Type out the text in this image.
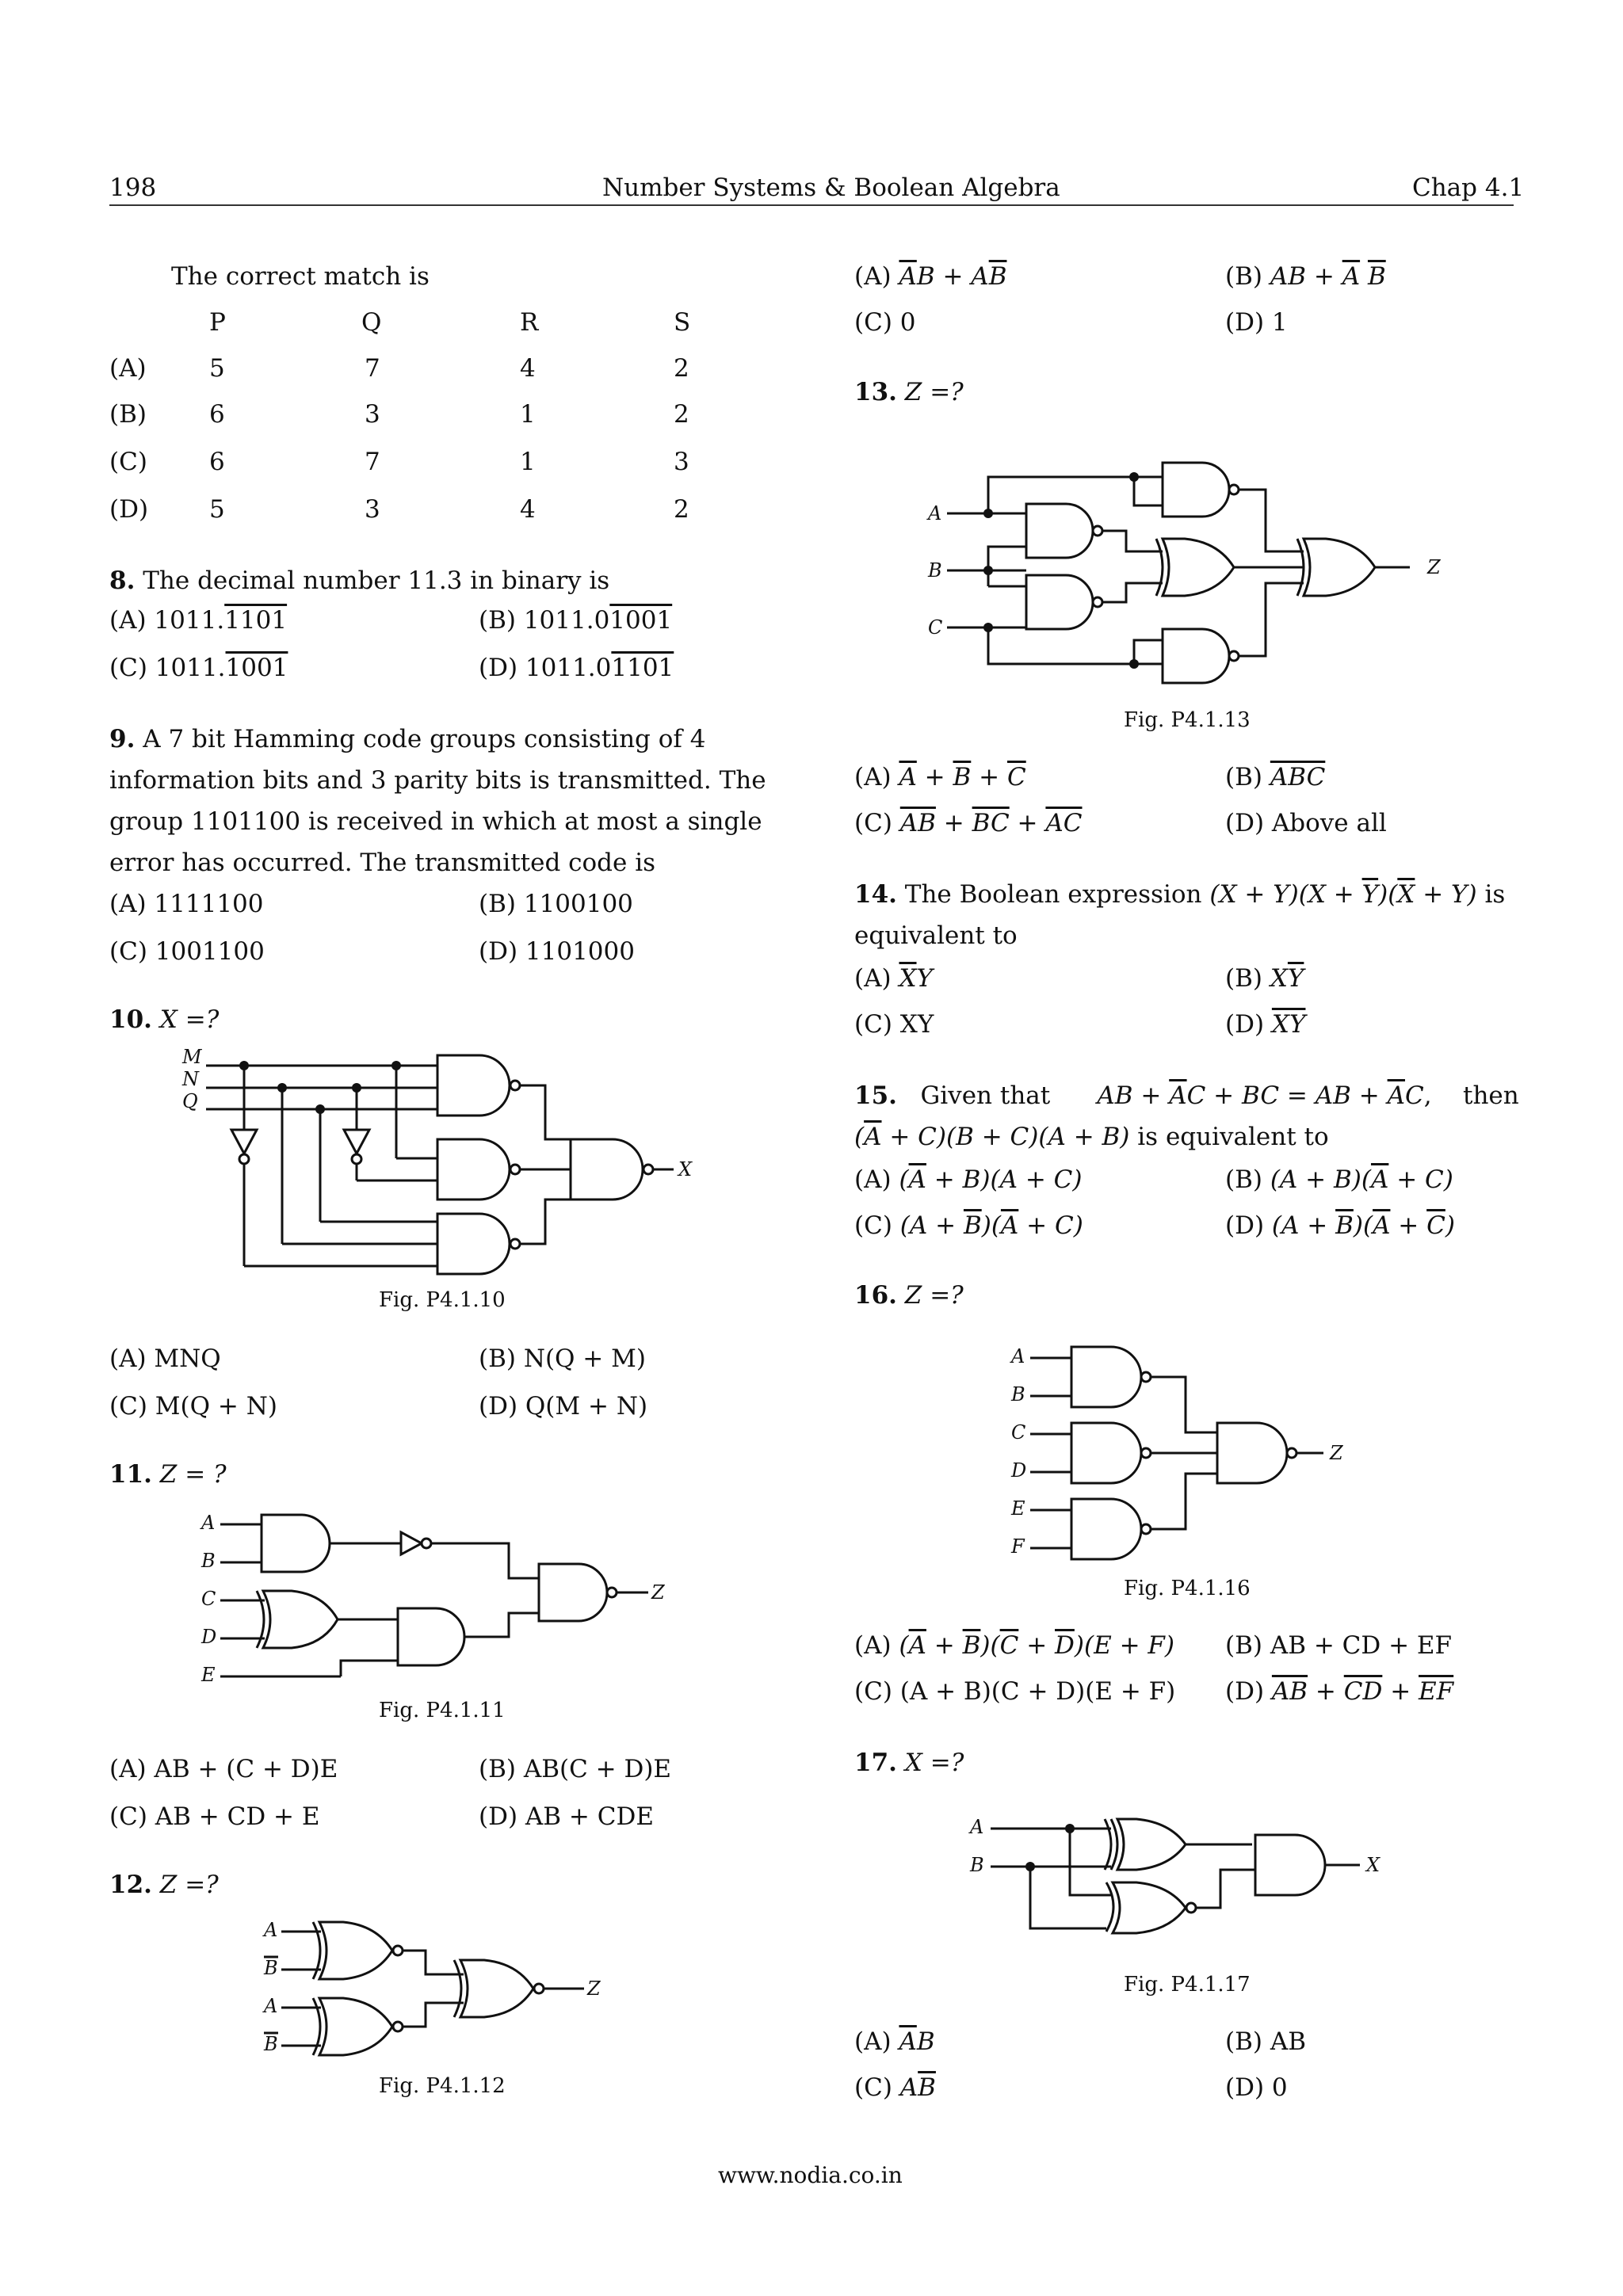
198	Number Systems & Boolean Algebra	Chap 4.1
The correct match is
P	Q	R	S
(A)	5	7	4	2
(B)	6	3	1	2
(C)	6	7	1	3
(D) 5	3	4	2
8. The decimal number 11.3 in binary is
(A) 1011.1101	(B) 1011.01001
(C) 1011.1001	(D) 1011.01101
9. A 7 bit Hamming code groups consisting of 4
information bits and 3 parity bits is transmitted. The
group 1101100 is received in which at most a single
error has occurred. The transmitted code is
(A) 1111100	(B) 1100100
(C) 1001100	(D) 1101000
10. X =?
M
N
Q
X
Fig. P4.1.10
(A) MNQ	(B) N(Q + M)
(C) M(Q + N)	(D) Q(M + N)
11. Z = ?
A
B
C
D
E
Z
Fig. P4.1.11
(A) AB + (C + D)E	(B) AB(C + D)E
(C) AB + CD + E	(D) AB + CDE
12. Z =?
A
B
A
B
Z
Fig. P4.1.12
(A) $\overline{A}B + A\overline{B}$	(B) AB + $\overline{A}$ $\overline{B}$
(C) 0	(D) 1
13. Z =?
A
B
C
Z
Fig. P4.1.13
(A) $\overline{A} + \overline{B} + \overline{C}$	(B) $\overline{ABC}$
(C) $\overline{AB} + \overline{BC} + \overline{AC}$	(D) Above all
14. The Boolean expression $(X + Y)(X + \overline{Y})(\overline{X} + Y)$ is
equivalent to
(A) $\overline{X}Y$	(B) $X\overline{Y}$
(C) XY	(D) $\overline{X}\overline{Y}$
15.   Given that      AB + $\overline{A}C$ + BC = AB + $\overline{A}C$,    then
$(\overline{A} + C)(B + C)(A + B)$ is equivalent to
(A) $(\overline{A} + B)(A + C)$	(B) $(A + B)(\overline{A} + C)$
(C) $(A + \overline{B})(\overline{A} + C)$	(D) $(A + \overline{B})(\overline{A} + \overline{C})$
16. Z =?
A
B
C
D
E
F
Z
Fig. P4.1.16
(A) $(\overline{A} + \overline{B})(\overline{C} + \overline{D})(E + F)$ (B) AB + CD + EF
(C) (A + B)(C + D)(E + F) (D) $\overline{AB} + \overline{CD} + \overline{EF}$
17. X =?
A
B	X
Fig. P4.1.17
(A) $\overline{A}B$	(B) AB
(C) $A\overline{B}$	(D) 0
www.nodia.co.in
